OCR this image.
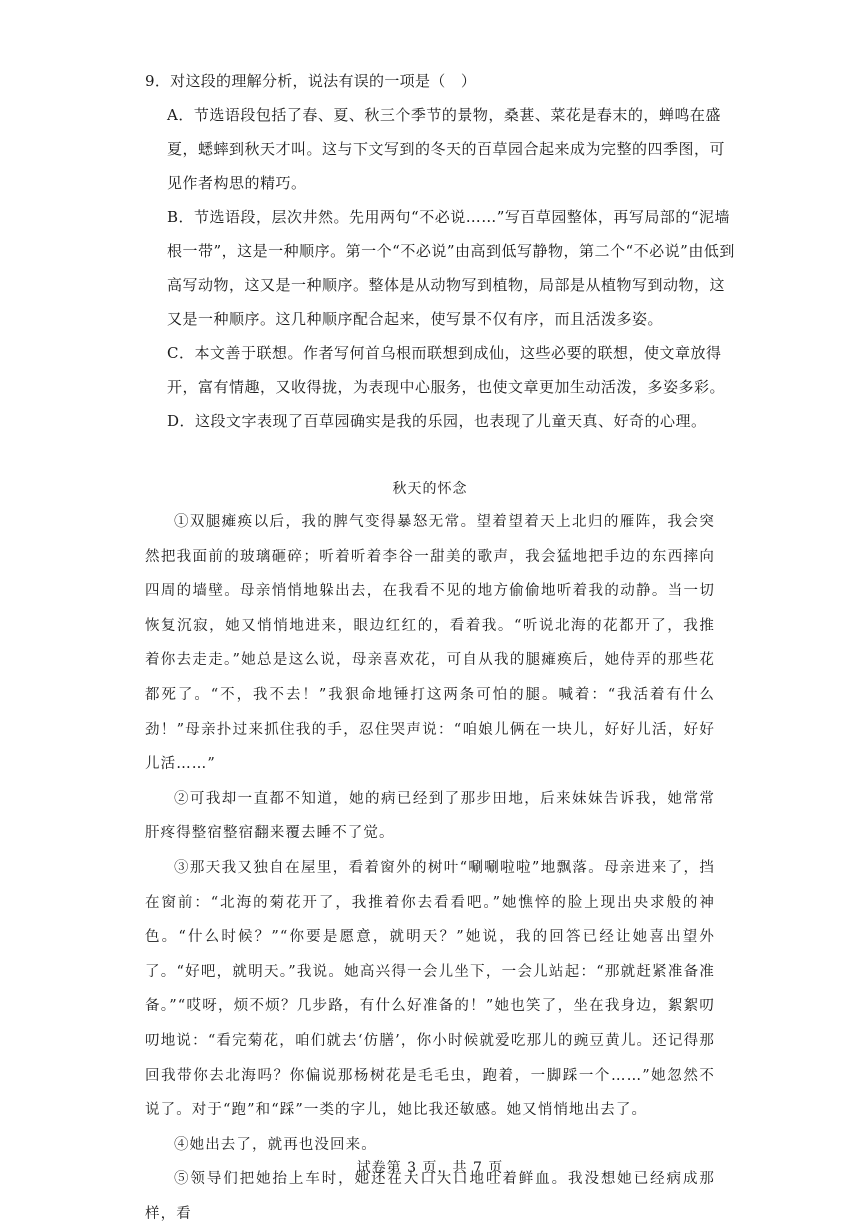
9．对这段的理解分析，说法有误的一项是（　）

A．节选语段包括了春、夏、秋三个季节的景物，桑葚、菜花是春末的，蝉鸣在盛夏，蟋蟀到秋天才叫。这与下文写到的冬天的百草园合起来成为完整的四季图，可见作者构思的精巧。

B．节选语段，层次井然。先用两句“不必说……”写百草园整体，再写局部的“泥墙根一带”，这是一种顺序。第一个“不必说”由高到低写静物，第二个“不必说”由低到高写动物，这又是一种顺序。整体是从动物写到植物，局部是从植物写到动物，这又是一种顺序。这几种顺序配合起来，使写景不仅有序，而且活泼多姿。

C．本文善于联想。作者写何首乌根而联想到成仙，这些必要的联想，使文章放得开，富有情趣，又收得拢，为表现中心服务，也使文章更加生动活泼，多姿多彩。

D．这段文字表现了百草园确实是我的乐园，也表现了儿童天真、好奇的心理。

秋天的怀念

①双腿瘫痪以后，我的脾气变得暴怒无常。望着望着天上北归的雁阵，我会突然把我面前的玻璃砸碎；听着听着李谷一甜美的歌声，我会猛地把手边的东西摔向四周的墙壁。母亲悄悄地躲出去，在我看不见的地方偷偷地听着我的动静。当一切恢复沉寂，她又悄悄地进来，眼边红红的，看着我。“听说北海的花都开了，我推着你去走走。”她总是这么说，母亲喜欢花，可自从我的腿瘫痪后，她侍弄的那些花都死了。“不，我不去！”我狠命地锤打这两条可怕的腿。喊着：“我活着有什么劲！”母亲扑过来抓住我的手，忍住哭声说：“咱娘儿俩在一块儿，好好儿活，好好儿活……”

②可我却一直都不知道，她的病已经到了那步田地，后来妹妹告诉我，她常常肝疼得整宿整宿翻来覆去睡不了觉。

③那天我又独自在屋里，看着窗外的树叶“唰唰啦啦”地飘落。母亲进来了，挡在窗前：“北海的菊花开了，我推着你去看看吧。”她憔悴的脸上现出央求般的神色。“什么时候？”“你要是愿意，就明天？”她说，我的回答已经让她喜出望外了。“好吧，就明天。”我说。她高兴得一会儿坐下，一会儿站起：“那就赶紧准备准备。”“哎呀，烦不烦？几步路，有什么好准备的！”她也笑了，坐在我身边，絮絮叨叨地说：“看完菊花，咱们就去‘仿膳’，你小时候就爱吃那儿的豌豆黄儿。还记得那回我带你去北海吗？你偏说那杨树花是毛毛虫，跑着，一脚踩一个……”她忽然不说了。对于“跑”和“踩”一类的字儿，她比我还敏感。她又悄悄地出去了。

④她出去了，就再也没回来。

⑤领导们把她抬上车时，她还在大口大口地吐着鲜血。我没想她已经病成那样，看

试卷第 3 页，共 7 页
